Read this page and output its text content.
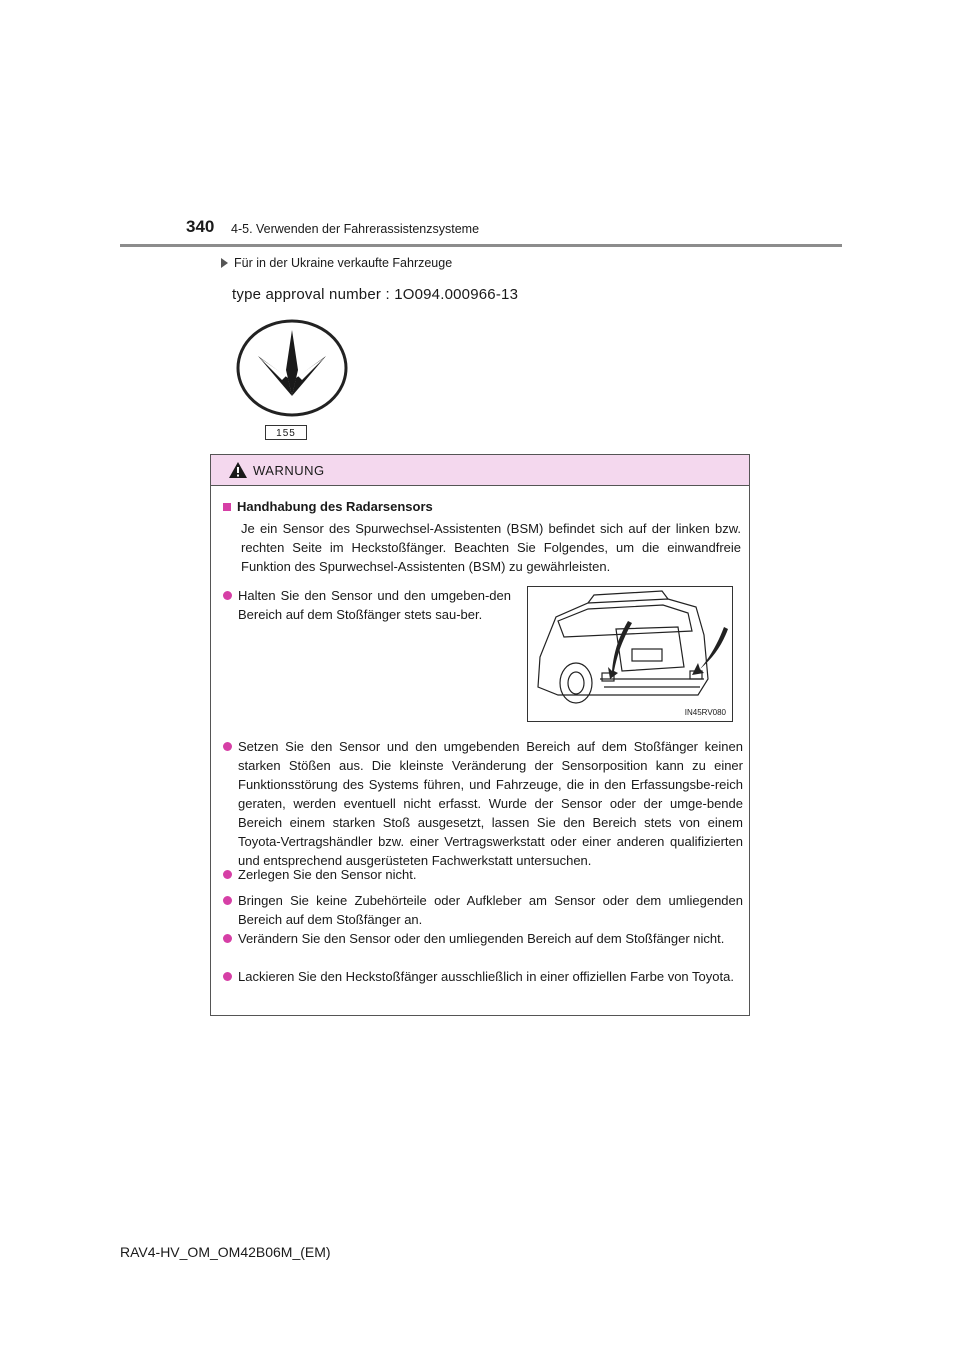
340 4-5. Verwenden der Fahrerassistenzsysteme
Für in der Ukraine verkaufte Fahrzeuge
type approval number : 1O094.000966-13
155
WARNUNG
Handhabung des Radarsensors
Je ein Sensor des Spurwechsel-Assistenten (BSM) befindet sich auf der linken bzw. rechten Seite im Heckstoßfänger. Beachten Sie Folgendes, um die einwandfreie Funktion des Spurwechsel-Assistenten (BSM) zu gewährleisten.
Halten Sie den Sensor und den umgeben-den Bereich auf dem Stoßfänger stets sau-ber.
IN45RV080
Setzen Sie den Sensor und den umgebenden Bereich auf dem Stoßfänger keinen starken Stößen aus. Die kleinste Veränderung der Sensorposition kann zu einer Funktionsstörung des Systems führen, und Fahrzeuge, die in den Erfassungsbe-reich geraten, werden eventuell nicht erfasst. Wurde der Sensor oder der umge-bende Bereich einem starken Stoß ausgesetzt, lassen Sie den Bereich stets von einem Toyota-Vertragshändler bzw. einer Vertragswerkstatt oder einer anderen qualifizierten und entsprechend ausgerüsteten Fachwerkstatt untersuchen.
Zerlegen Sie den Sensor nicht.
Bringen Sie keine Zubehörteile oder Aufkleber am Sensor oder dem umliegenden Bereich auf dem Stoßfänger an.
Verändern Sie den Sensor oder den umliegenden Bereich auf dem Stoßfänger nicht.
Lackieren Sie den Heckstoßfänger ausschließlich in einer offiziellen Farbe von Toyota.
RAV4-HV_OM_OM42B06M_(EM)
